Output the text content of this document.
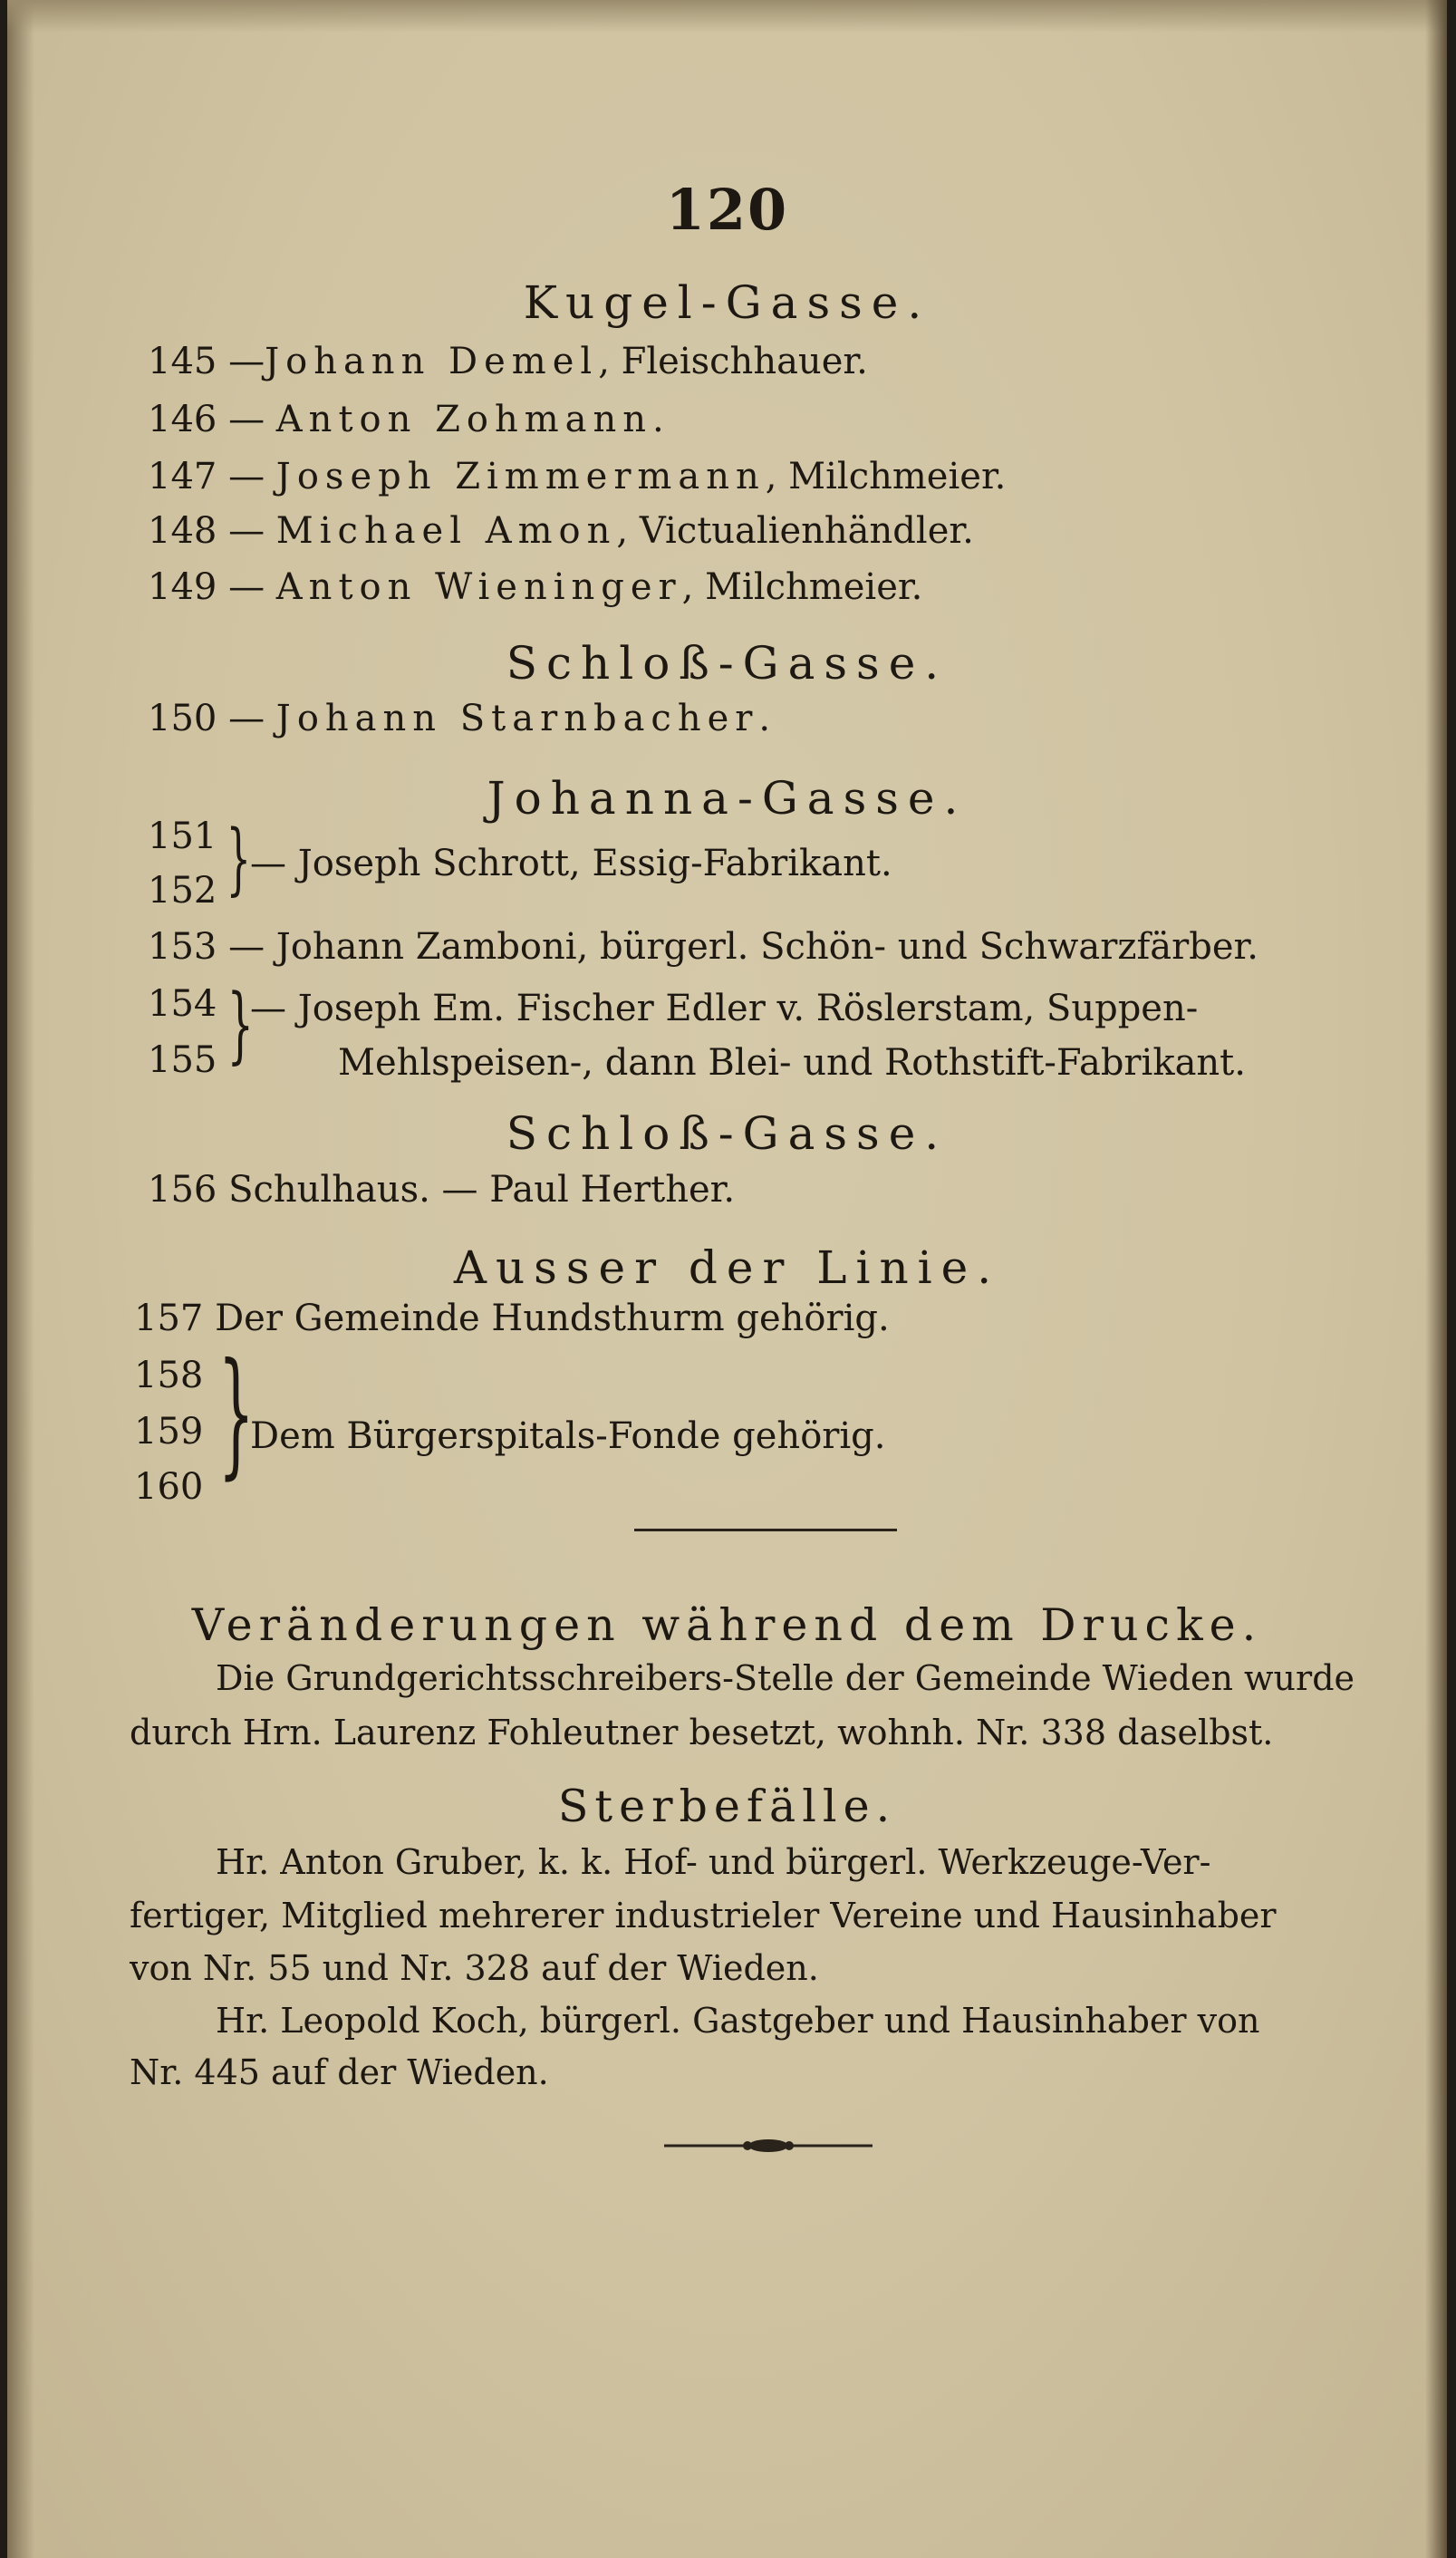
120
Kugel-Gasse.
145 —Johann Demel, Fleischhauer.
146 — Anton Zohmann.
147 — Joseph Zimmermann, Milchmeier.
148 — Michael Amon, Victualienhändler.
149 — Anton Wieninger, Milchmeier.
Schloß-Gasse.
150 — Johann Starnbacher.
Johanna-Gasse.
151
152 }
— Joseph Schrott, Essig-Fabrikant.
153 — Johann Zamboni, bürgerl. Schön- und Schwarzfärber.
154
155 }
— Joseph Em. Fischer Edler v. Röslerstam, Suppen-
Mehlspeisen-, dann Blei- und Rothstift-Fabrikant.
Schloß-Gasse.
156 Schulhaus. — Paul Herther.
Ausser der Linie.
157 Der Gemeinde Hundsthurm gehörig.
158
159
160 }
Dem Bürgerspitals-Fonde gehörig.
Veränderungen während dem Drucke.
Die Grundgerichtsschreibers-Stelle der Gemeinde Wieden wurde
durch Hrn. Laurenz Fohleutner besetzt, wohnh. Nr. 338 daselbst.
Sterbefälle.
Hr. Anton Gruber, k. k. Hof- und bürgerl. Werkzeuge-Ver-
fertiger, Mitglied mehrerer industrieler Vereine und Hausinhaber
von Nr. 55 und Nr. 328 auf der Wieden.
Hr. Leopold Koch, bürgerl. Gastgeber und Hausinhaber von
Nr. 445 auf der Wieden.
